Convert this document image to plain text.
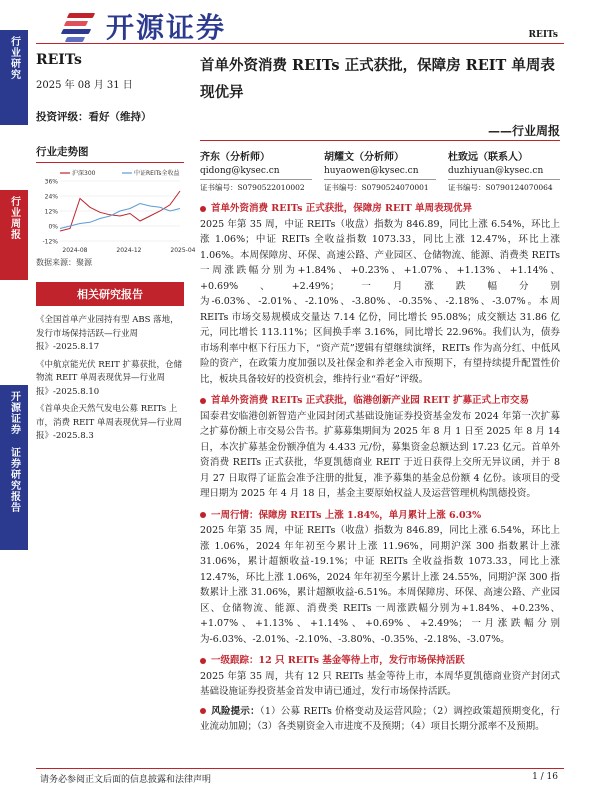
行业研究
行业周报
开源证券 证券研究报告
开源证券	REITs
REITs
2025 年 08 月 31 日
投资评级：看好（维持）
行业走势图
-12%
0%
12%
24%
36%
2024-08	2024-12	2025-04
沪深300	中证REITs全收益
数据来源：聚源
相关研究报告
《全国首单产业园持有型 ABS 落地，发行市场保持活跃—行业周报》-2025.8.17
《中航京能光伏 REIT 扩募获批，仓储物流 REIT 单周表现优异—行业周报》-2025.8.10
《首单央企天然气发电公募 REITs 上市，消费 REIT 单周表现优异—行业周报》-2025.8.3
首单外资消费 REITs 正式获批，保障房 REIT 单周表现优异
——行业周报
齐东（分析师）
qidong@kysec.cn
证书编号：S0790522010002
胡耀文（分析师）
huyaowen@kysec.cn
证书编号：S0790524070001
杜致远（联系人）
duzhiyuan@kysec.cn
证书编号：S0790124070064
首单外资消费 REITs 正式获批，保障房 REIT 单周表现优异

2025 年第 35 周，中证 REITs（收盘）指数为 846.89，同比上涨 6.54%，环比上涨 1.06%；中证 REITs 全收益指数 1073.33，同比上涨 12.47%，环比上涨 1.06%。本周保障房、环保、高速公路、产业园区、仓储物流、能源、消费类 REITs 一周涨跌幅分别为+1.84%、+0.23%、+1.07%、+1.13%、+1.14%、+0.69%、+2.49%；一月涨跌幅分别为-6.03%、-2.01%、-2.10%、-3.80%、-0.35%、-2.18%、-3.07%。本周 REITs 市场交易规模成交量达 7.14 亿份，同比增长 95.08%；成交额达 31.86 亿元，同比增长 113.11%；区间换手率 3.16%，同比增长 22.96%。我们认为，债券市场利率中枢下行压力下，“资产荒”逻辑有望继续演绎，REITs 作为高分红、中低风险的资产，在政策力度加强以及社保金和养老金入市预期下，有望持续提升配置性价比，板块具备较好的投资机会，维持行业“看好”评级。

首单外资消费 REITs 正式获批，临港创新产业园 REIT 扩募正式上市交易

国泰君安临港创新智造产业园封闭式基础设施证券投资基金发布 2024 年第一次扩募之扩募份额上市交易公告书。扩募募集期间为 2025 年 8 月 1 日至 2025 年 8 月 14 日，本次扩募基金份额净值为 4.433 元/份，募集资金总额达到 17.23 亿元。首单外资消费 REITs 正式获批，华夏凯德商业 REIT 于近日获得上交所无异议函，并于 8 月 27 日取得了证监会准予注册的批复，准予募集的基金总份额 4 亿份。该项目的受理日期为 2025 年 4 月 18 日，基金主要原始权益人及运营管理机构凯德投资。

一周行情：保障房 REITs 上涨 1.84%，单月累计上涨 6.03%

2025 年第 35 周，中证 REITs（收盘）指数为 846.89，同比上涨 6.54%，环比上涨 1.06%，2024 年年初至今累计上涨 11.96%，同期沪深 300 指数累计上涨 31.06%，累计超额收益-19.1%；中证 REITs 全收益指数 1073.33，同比上涨 12.47%，环比上涨 1.06%，2024 年年初至今累计上涨 24.55%，同期沪深 300 指数累计上涨 31.06%，累计超额收益-6.51%。本周保障房、环保、高速公路、产业园区、仓储物流、能源、消费类 REITs 一周涨跌幅分别为+1.84%、+0.23%、+1.07%、+1.13%、+1.14%、+0.69%、+2.49%；一月涨跌幅分别为-6.03%、-2.01%、-2.10%、-3.80%、-0.35%、-2.18%、-3.07%。

一级跟踪：12 只 REITs 基金等待上市，发行市场保持活跃

2025 年第 35 周，共有 12 只 REITs 基金等待上市，本周华夏凯德商业资产封闭式基础设施证券投资基金首发申请已通过，发行市场保持活跃。

风险提示：（1）公募 REITs 价格变动及运营风险；（2）调控政策超预期变化，行业流动加剧；（3）各类剔资金入市进度不及预期；（4）项目长期分派率不及预期。
请务必参阅正文后面的信息披露和法律声明	1 / 16
